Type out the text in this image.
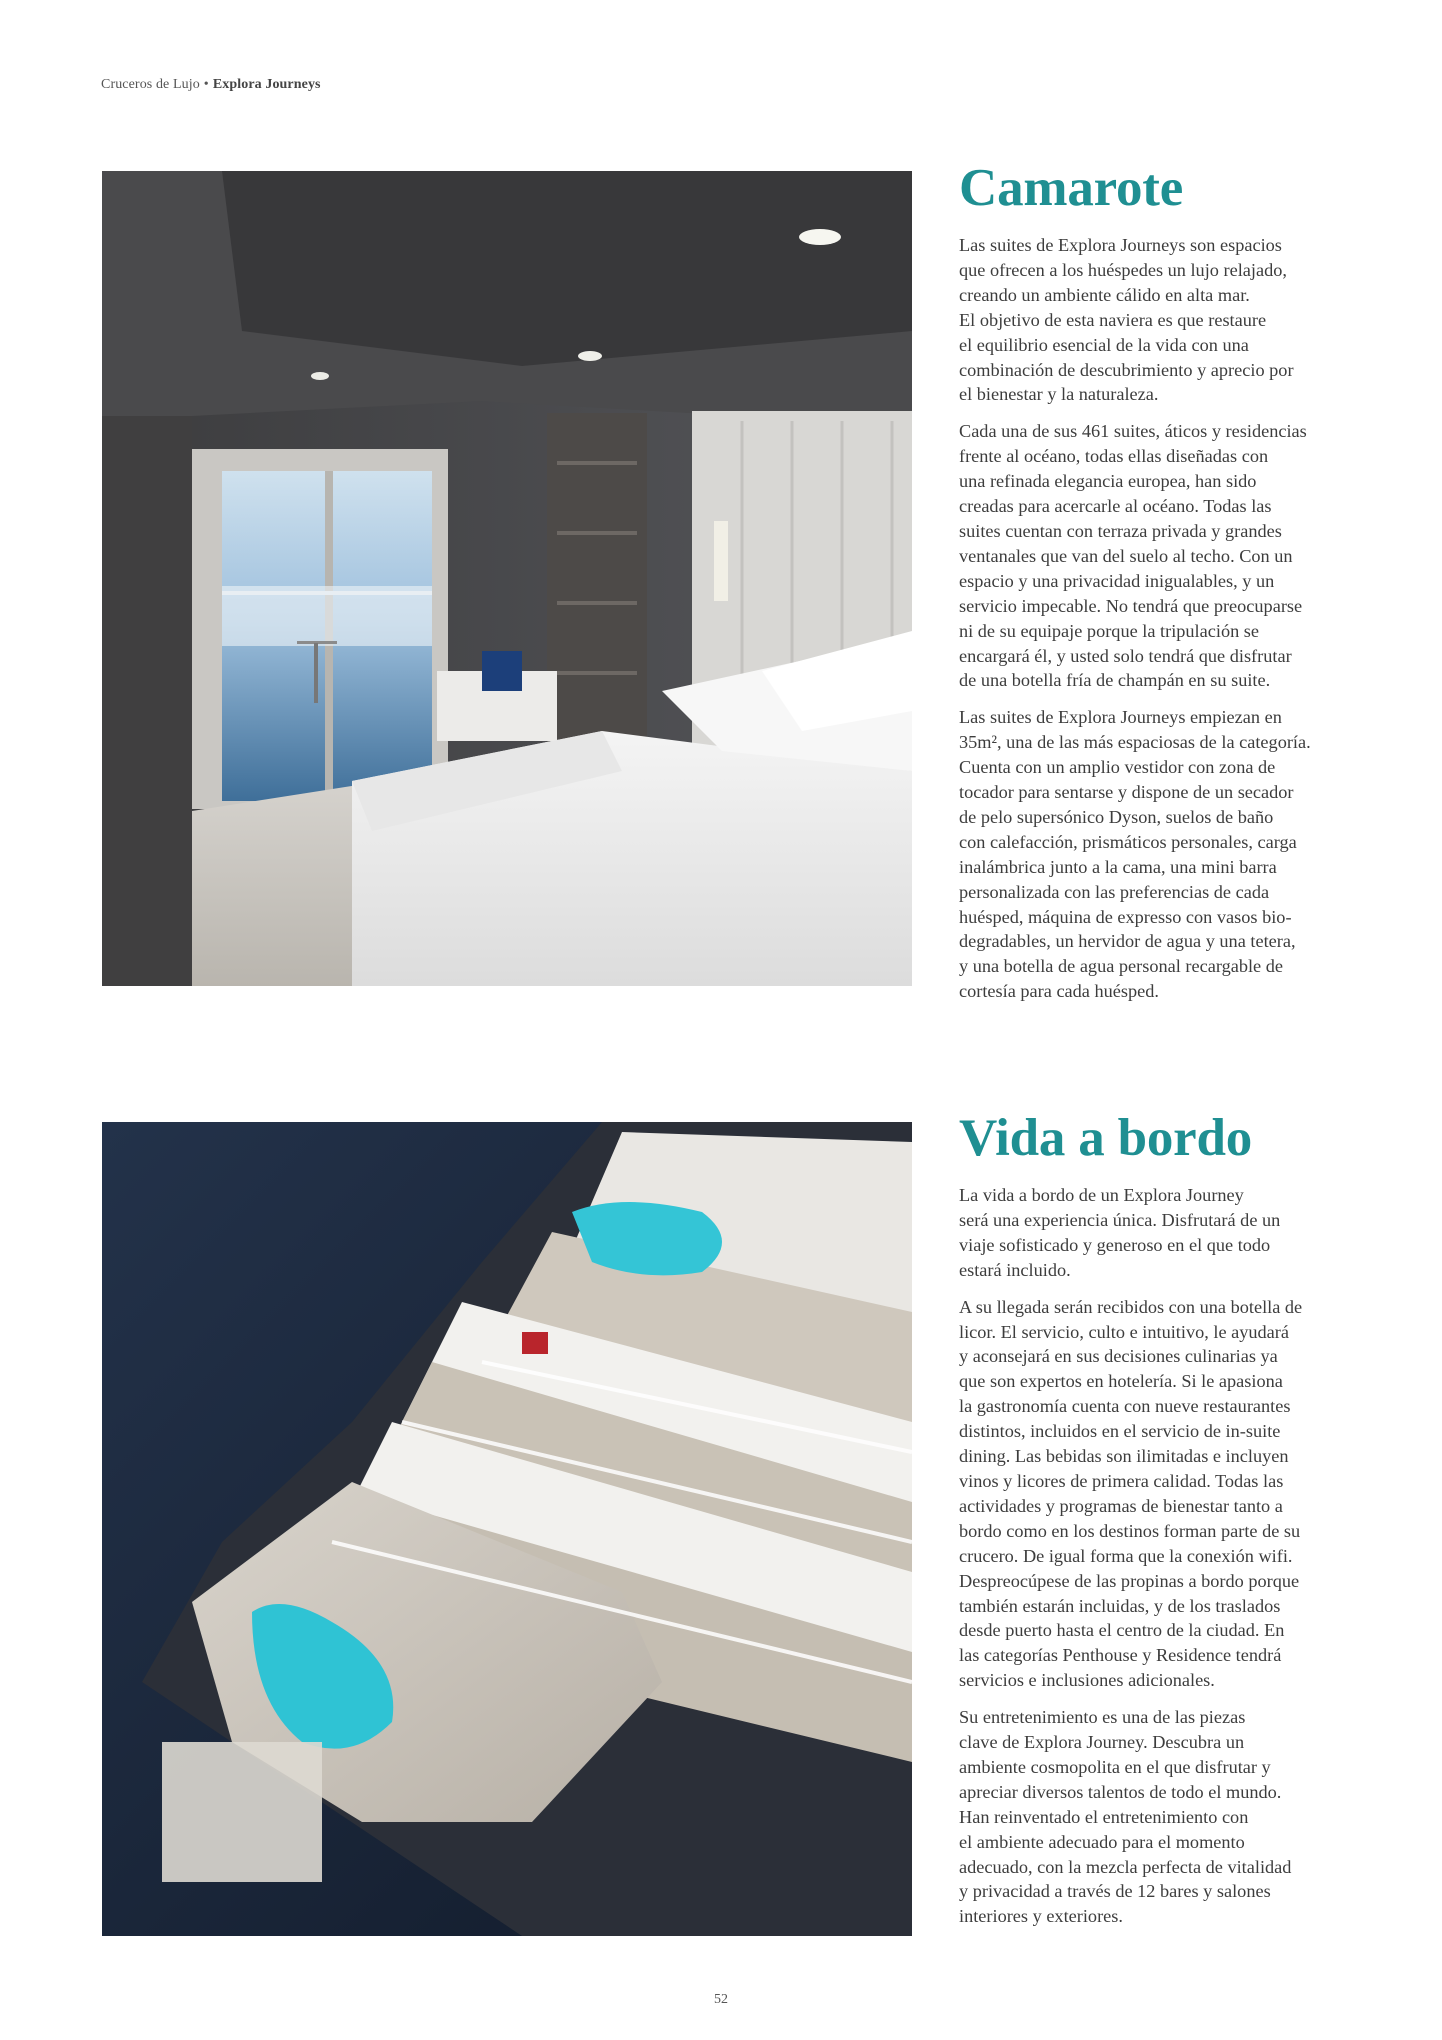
Cruceros de Lujo • Explora Journeys
Camarote

Las suites de Explora Journeys son espacios
que ofrecen a los huéspedes un lujo relajado,
creando un ambiente cálido en alta mar.
El objetivo de esta naviera es que restaure
el equilibrio esencial de la vida con una
combinación de descubrimiento y aprecio por
el bienestar y la naturaleza.

Cada una de sus 461 suites, áticos y residencias
frente al océano, todas ellas diseñadas con
una refinada elegancia europea, han sido
creadas para acercarle al océano. Todas las
suites cuentan con terraza privada y grandes
ventanales que van del suelo al techo. Con un
espacio y una privacidad inigualables, y un
servicio impecable. No tendrá que preocuparse
ni de su equipaje porque la tripulación se
encargará él, y usted solo tendrá que disfrutar
de una botella fría de champán en su suite.

Las suites de Explora Journeys empiezan en
35m², una de las más espaciosas de la categoría.
Cuenta con un amplio vestidor con zona de
tocador para sentarse y dispone de un secador
de pelo supersónico Dyson, suelos de baño
con calefacción, prismáticos personales, carga
inalámbrica junto a la cama, una mini barra
personalizada con las preferencias de cada
huésped, máquina de expresso con vasos bio-
degradables, un hervidor de agua y una tetera,
y una botella de agua personal recargable de
cortesía para cada huésped.

Vida a bordo

La vida a bordo de un Explora Journey
será una experiencia única. Disfrutará de un
viaje sofisticado y generoso en el que todo
estará incluido.

A su llegada serán recibidos con una botella de
licor. El servicio, culto e intuitivo, le ayudará
y aconsejará en sus decisiones culinarias ya
que son expertos en hotelería. Si le apasiona
la gastronomía cuenta con nueve restaurantes
distintos, incluidos en el servicio de in-suite
dining. Las bebidas son ilimitadas e incluyen
vinos y licores de primera calidad. Todas las
actividades y programas de bienestar tanto a
bordo como en los destinos forman parte de su
crucero. De igual forma que la conexión wifi.
Despreocúpese de las propinas a bordo porque
también estarán incluidas, y de los traslados
desde puerto hasta el centro de la ciudad. En
las categorías Penthouse y Residence tendrá
servicios e inclusiones adicionales.

Su entretenimiento es una de las piezas
clave de Explora Journey. Descubra un
ambiente cosmopolita en el que disfrutar y
apreciar diversos talentos de todo el mundo.
Han reinventado el entretenimiento con
el ambiente adecuado para el momento
adecuado, con la mezcla perfecta de vitalidad
y privacidad a través de 12 bares y salones
interiores y exteriores.

52
